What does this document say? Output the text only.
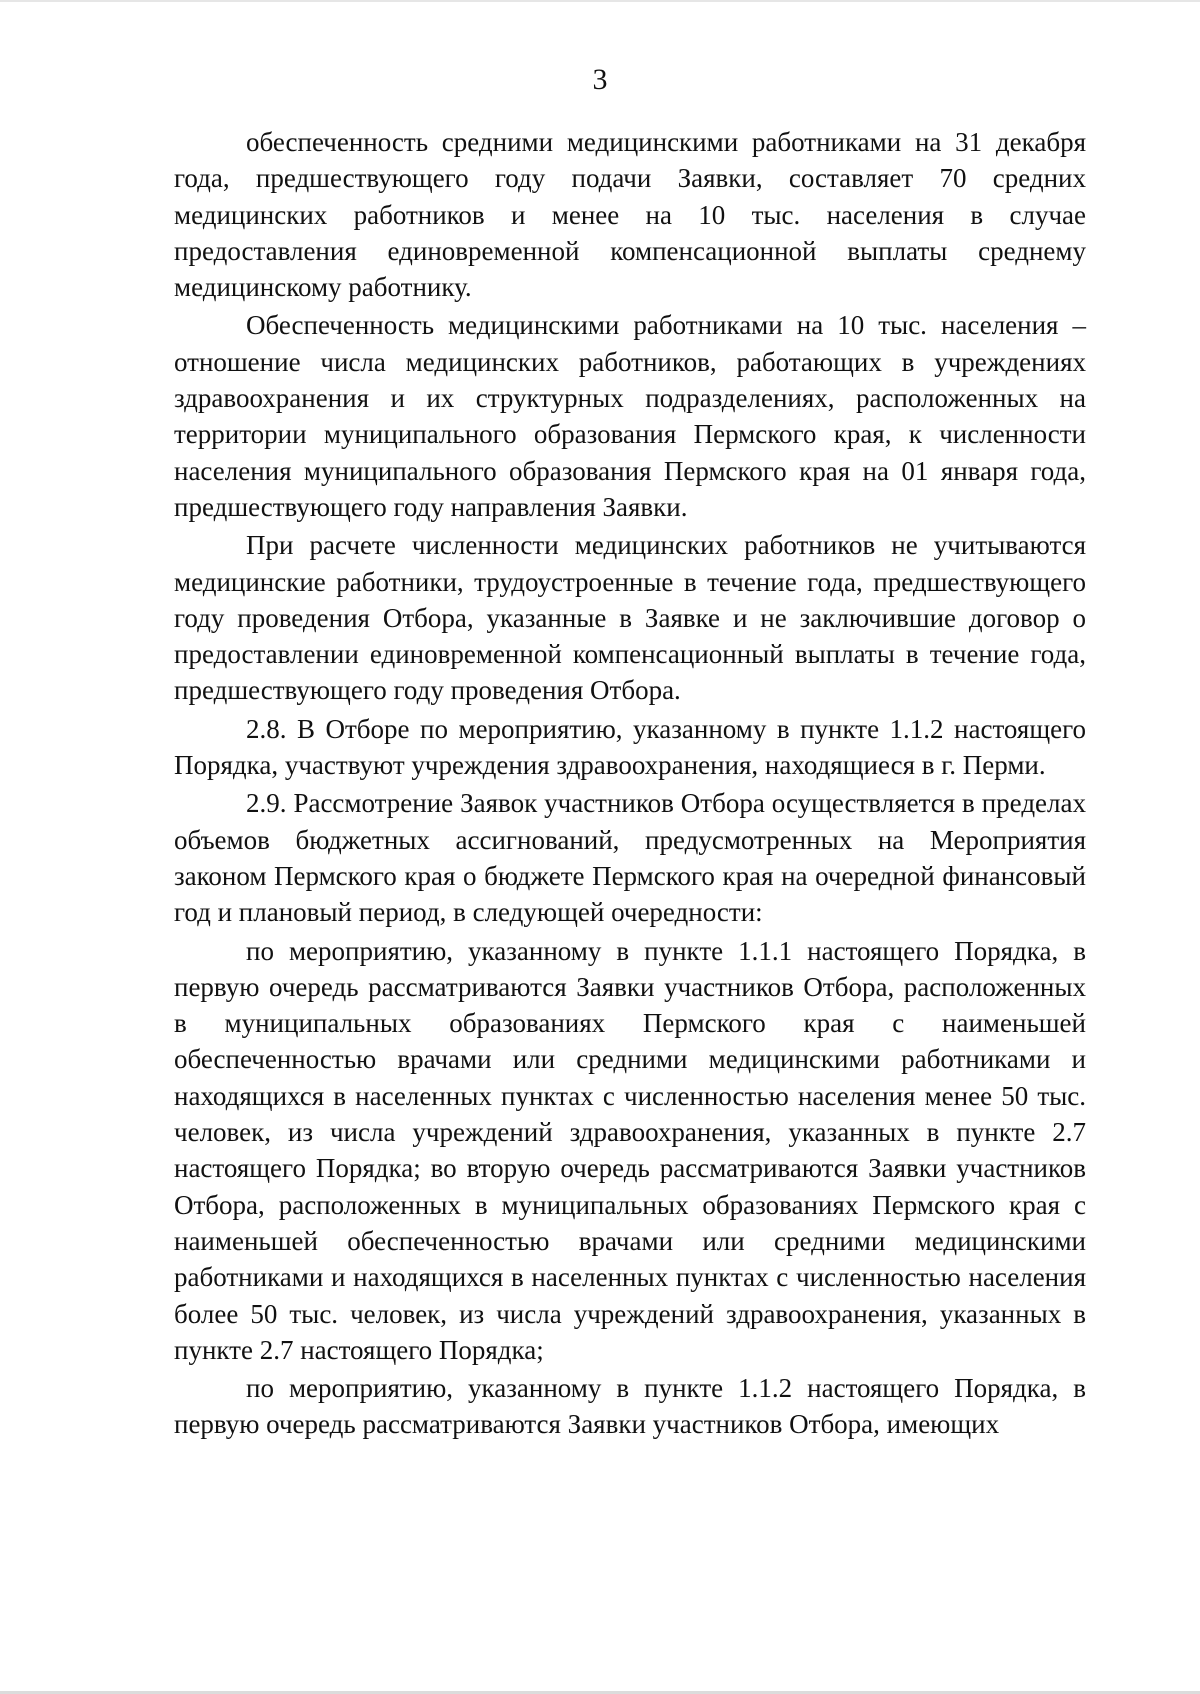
3

обеспеченность средними медицинскими работниками на 31 декабря года, предшествующего году подачи Заявки, составляет 70 средних медицинских работников и менее на 10 тыс. населения в случае предоставления единовременной компенсационной выплаты среднему медицинскому работнику.

Обеспеченность медицинскими работниками на 10 тыс. населения – отношение числа медицинских работников, работающих в учреждениях здравоохранения и их структурных подразделениях, расположенных на территории муниципального образования Пермского края, к численности населения муниципального образования Пермского края на 01 января года, предшествующего году направления Заявки.

При расчете численности медицинских работников не учитываются медицинские работники, трудоустроенные в течение года, предшествующего году проведения Отбора, указанные в Заявке и не заключившие договор о предоставлении единовременной компенсационный выплаты в течение года, предшествующего году проведения Отбора.

2.8. В Отборе по мероприятию, указанному в пункте 1.1.2 настоящего Порядка, участвуют учреждения здравоохранения, находящиеся в г. Перми.

2.9. Рассмотрение Заявок участников Отбора осуществляется в пределах объемов бюджетных ассигнований, предусмотренных на Мероприятия законом Пермского края о бюджете Пермского края на очередной финансовый год и плановый период, в следующей очередности:

по мероприятию, указанному в пункте 1.1.1 настоящего Порядка, в первую очередь рассматриваются Заявки участников Отбора, расположенных в муниципальных образованиях Пермского края с наименьшей обеспеченностью врачами или средними медицинскими работниками и находящихся в населенных пунктах с численностью населения менее 50 тыс. человек, из числа учреждений здравоохранения, указанных в пункте 2.7 настоящего Порядка; во вторую очередь рассматриваются Заявки участников Отбора, расположенных в муниципальных образованиях Пермского края с наименьшей обеспеченностью врачами или средними медицинскими работниками и находящихся в населенных пунктах с численностью населения более 50 тыс. человек, из числа учреждений здравоохранения, указанных в пункте 2.7 настоящего Порядка;

по мероприятию, указанному в пункте 1.1.2 настоящего Порядка, в первую очередь рассматриваются Заявки участников Отбора, имеющих
